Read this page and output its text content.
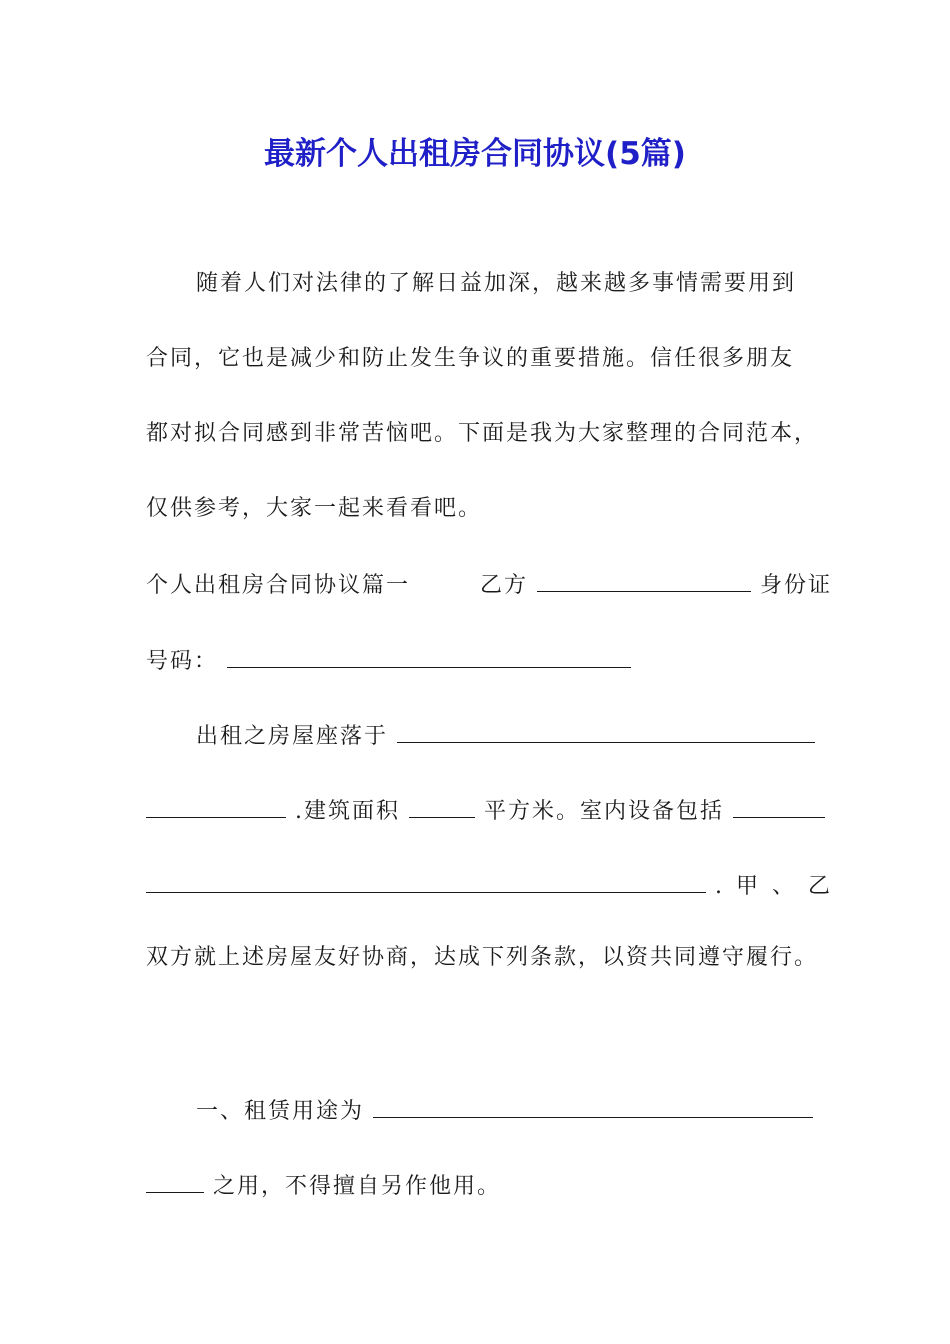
最新个人出租房合同协议(5篇)
随着人们对法律的了解日益加深，越来越多事情需要用到
合同，它也是减少和防止发生争议的重要措施。信任很多朋友
都对拟合同感到非常苦恼吧。下面是我为大家整理的合同范本，
仅供参考，大家一起来看看吧。
个人出租房合同协议篇一	乙方	身份证
号码：
出租之房屋座落于
.建筑面积	平方米。室内设备包括
.甲、乙
双方就上述房屋友好协商，达成下列条款，以资共同遵守履行。
一、租赁用途为
之用，不得擅自另作他用。
